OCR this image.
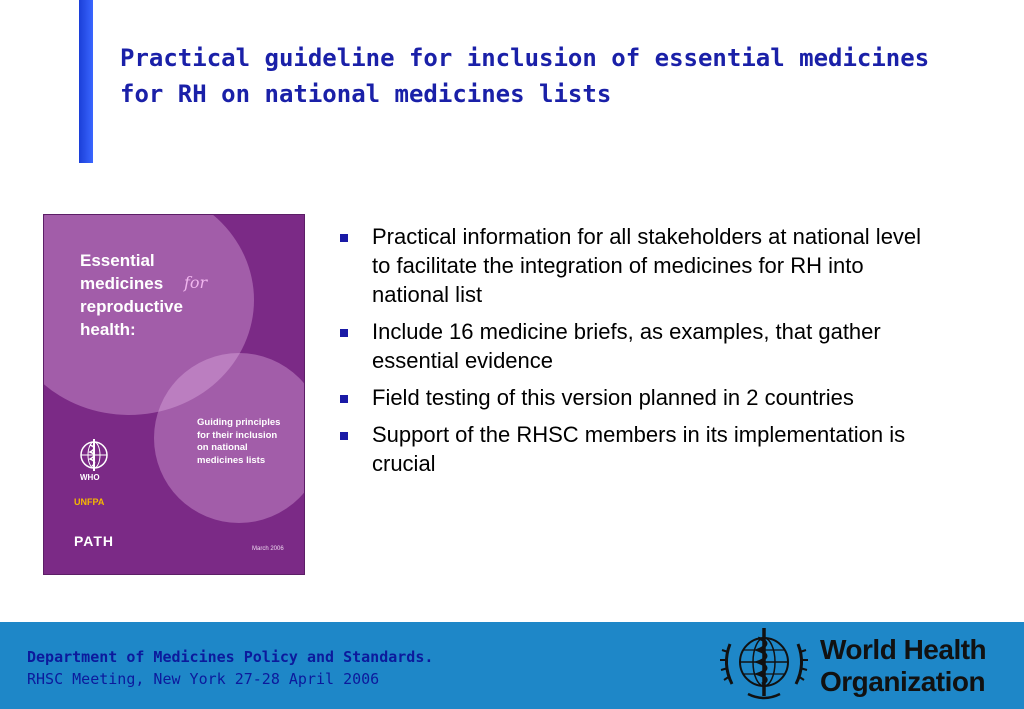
Practical guideline for inclusion of essential medicines for RH on national medicines lists

Essential
medicines
reproductive
health:

for

Guiding principles
for their inclusion
on national
medicines lists

WHO
UNFPA
PATH	March 2006
Practical information for all stakeholders at national level to facilitate the integration of medicines for RH into national list
Include 16 medicine briefs, as examples, that gather essential evidence
Field testing of this version planned in 2 countries
Support of the RHSC members in its implementation is crucial

Department of Medicines Policy and Standards.

RHSC Meeting, New York 27-28 April 2006

World Health
Organization
